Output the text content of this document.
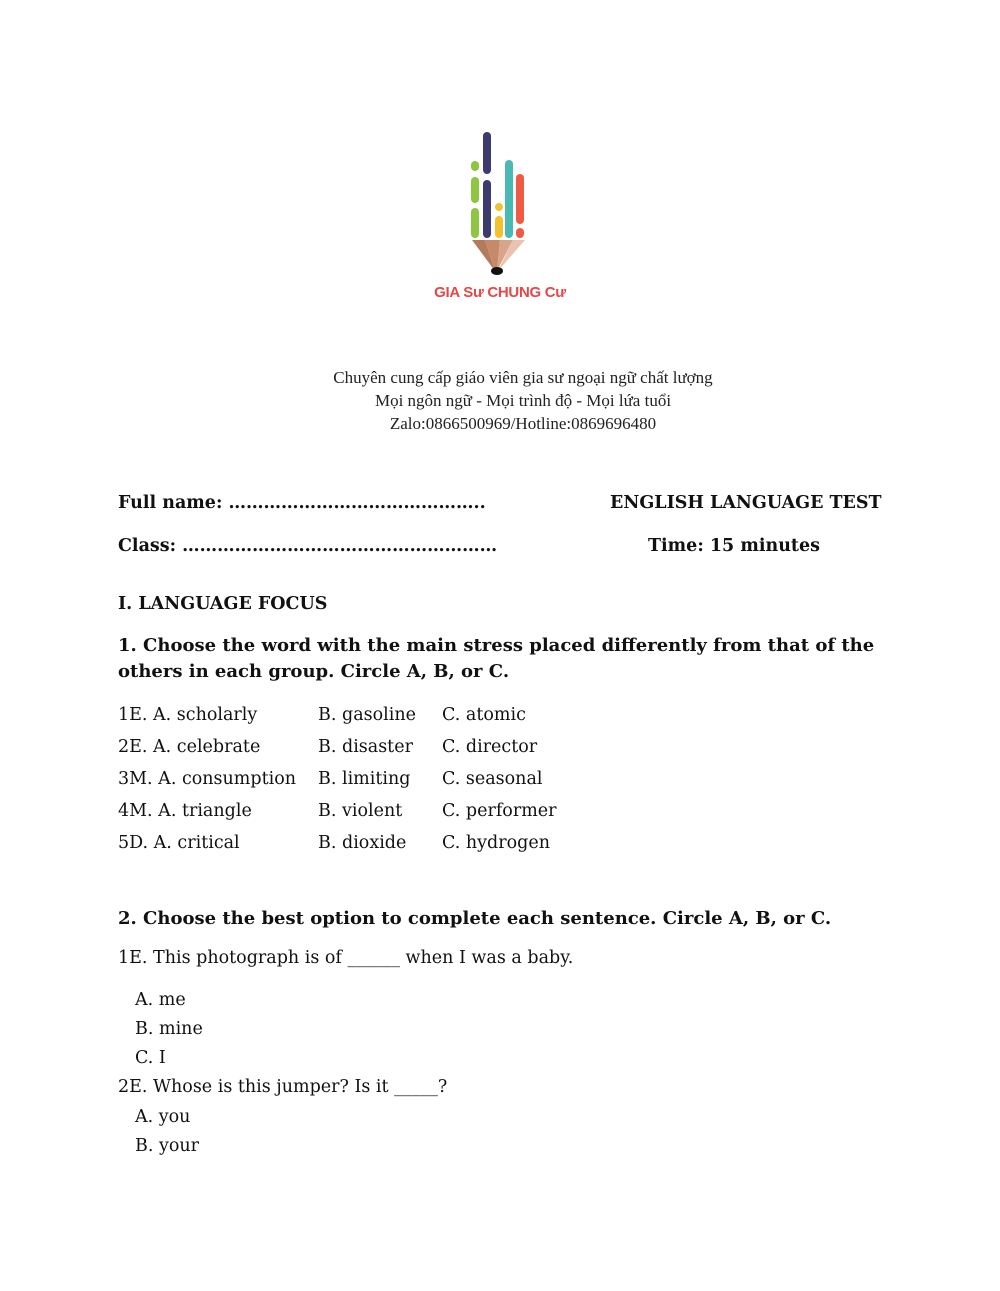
GIA Sư CHUNG Cư
Chuyên cung cấp giáo viên gia sư ngoại ngữ chất lượng
Mọi ngôn ngữ - Mọi trình độ - Mọi lứa tuổi
Zalo:0866500969/Hotline:0869696480
Full name: ……………………………………..	ENGLISH LANGUAGE TEST
Class: ………………………………………………	Time: 15 minutes
I. LANGUAGE FOCUS
1. Choose the word with the main stress placed differently from that of the others in each group. Circle A, B, or C.
1E. A. scholarly	B. gasoline C. atomic
2E. A. celebrate	B. disaster C. director
3M. A. consumption B. limiting C. seasonal
4M. A. triangle	B. violent C. performer
5D. A. critical	B. dioxide C. hydrogen
2. Choose the best option to complete each sentence. Circle A, B, or C.
1E. This photograph is of ______ when I was a baby.
A. me
B. mine
C. I
2E. Whose is this jumper? Is it _____?
A. you
B. your
